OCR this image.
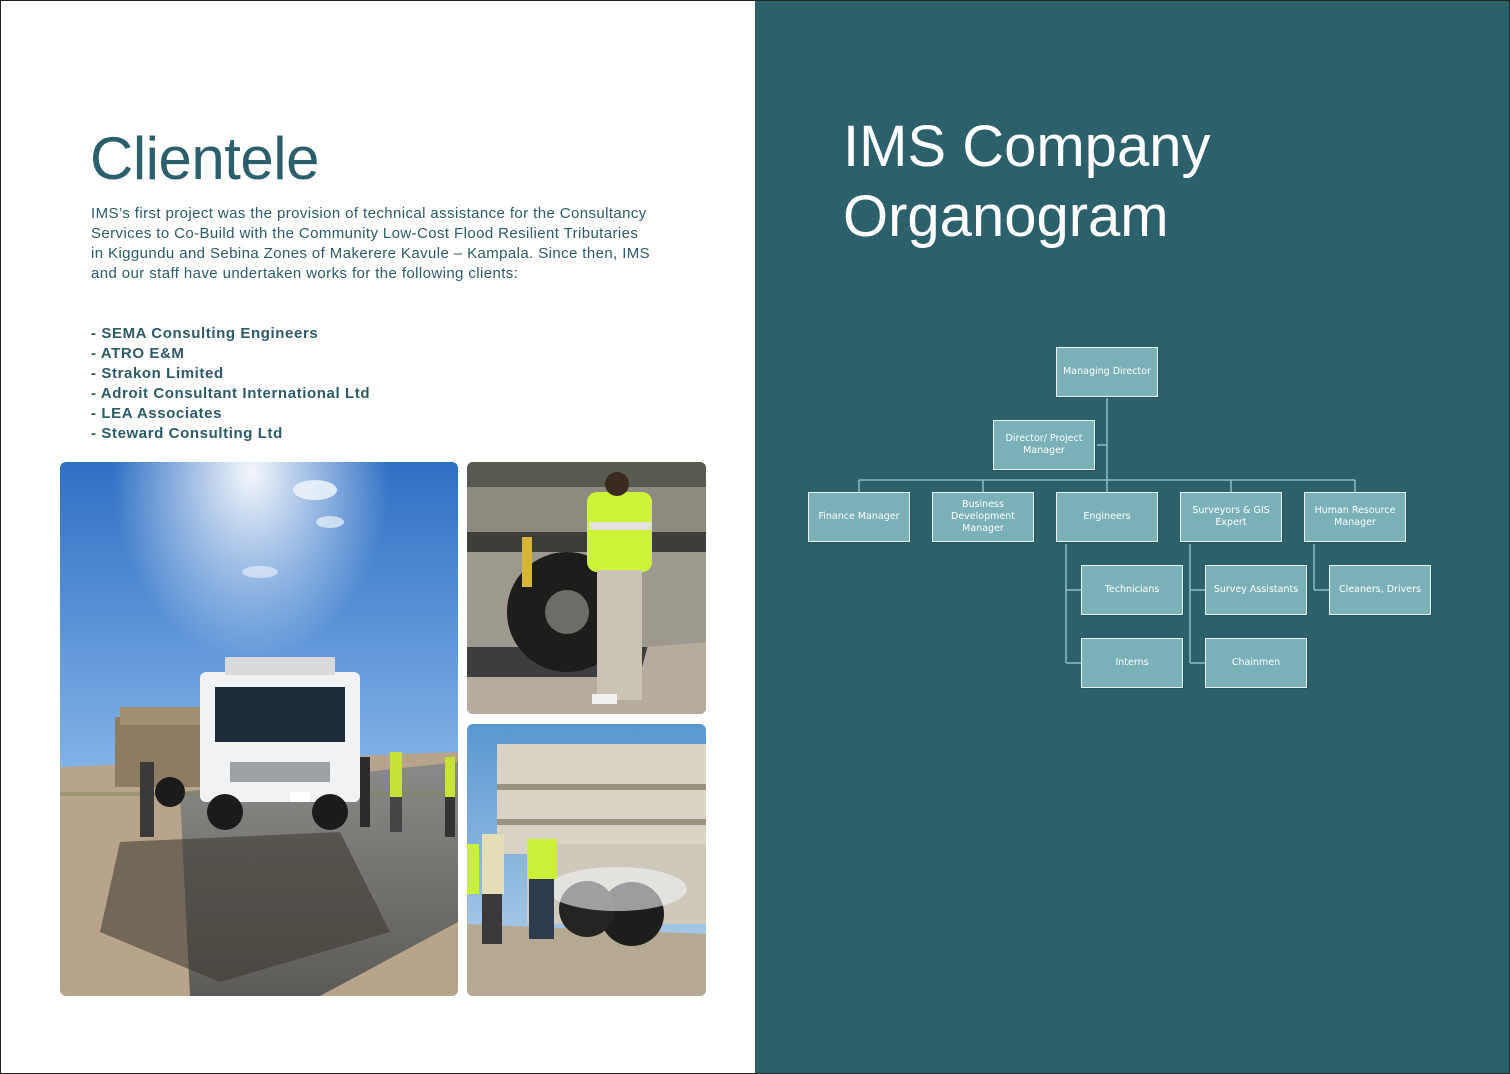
Clientele

IMS’s first project was the provision of technical assistance for the Consultancy Services to Co-Build with the Community Low-Cost Flood Resilient Tributaries in Kiggundu and Sebina Zones of Makerere Kavule – Kampala. Since then, IMS and our staff have undertaken works for the following clients:

- SEMA Consulting Engineers
- ATRO E&M
- Strakon Limited
- Adroit Consultant International Ltd
- LEA Associates
- Steward Consulting Ltd
IMS Company
Organogram
Managing Director
Director/ Project Manager
Finance Manager
Business Development Manager
Engineers
Surveyors & GIS Expert
Human Resource Manager
Technicians
Interns
Survey Assistants
Chainmen
Cleaners, Drivers
